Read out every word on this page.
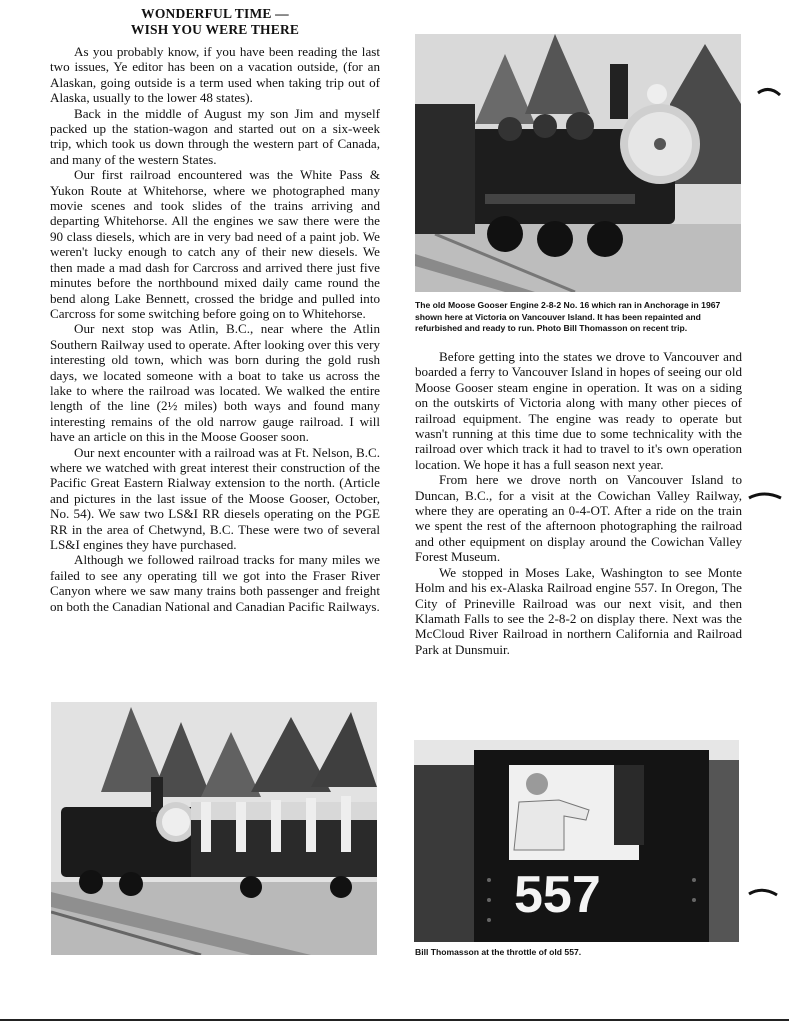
WONDERFUL TIME —
WISH YOU WERE THERE

As you probably know, if you have been reading the last two issues, Ye editor has been on a vacation outside, (for an Alaskan, going outside is a term used when taking trip out of Alaska, usually to the lower 48 states).

Back in the middle of August my son Jim and myself packed up the station-wagon and started out on a six-week trip, which took us down through the western part of Canada, and many of the western States.

Our first railroad encountered was the White Pass & Yukon Route at Whitehorse, where we photographed many movie scenes and took slides of the trains arriving and departing Whitehorse. All the engines we saw there were the 90 class diesels, which are in very bad need of a paint job. We weren't lucky enough to catch any of their new diesels. We then made a mad dash for Carcross and arrived there just five minutes before the northbound mixed daily came round the bend along Lake Bennett, crossed the bridge and pulled into Carcross for some switching before going on to Whitehorse.

Our next stop was Atlin, B.C., near where the Atlin Southern Railway used to operate. After looking over this very interesting old town, which was born during the gold rush days, we located someone with a boat to take us across the lake to where the railroad was located. We walked the entire length of the line (2½ miles) both ways and found many interesting remains of the old narrow gauge railroad. I will have an article on this in the Moose Gooser soon.

Our next encounter with a railroad was at Ft. Nelson, B.C. where we watched with great interest their construction of the Pacific Great Eastern Rialway extension to the north. (Article and pictures in the last issue of the Moose Gooser, October, No. 54). We saw two LS&I RR diesels operating on the PGE RR in the area of Chetwynd, B.C. These were two of several LS&I engines they have purchased.

Although we followed railroad tracks for many miles we failed to see any operating till we got into the Fraser River Canyon where we saw many trains both passenger and freight on both the Canadian National and Canadian Pacific Railways.

The old Moose Gooser Engine 2-8-2 No. 16 which ran in Anchorage in 1967 shown here at Victoria on Vancouver Island. It has been repainted and refurbished and ready to run. Photo Bill Thomasson on recent trip.

Before getting into the states we drove to Vancouver and boarded a ferry to Vancouver Island in hopes of seeing our old Moose Gooser steam engine in operation. It was on a siding on the outskirts of Victoria along with many other pieces of railroad equipment. The engine was ready to operate but wasn't running at this time due to some technicality with the railroad over which track it had to travel to it's own operation location. We hope it has a full season next year.

From here we drove north on Vancouver Island to Duncan, B.C., for a visit at the Cowichan Valley Railway, where they are operating an 0-4-OT. After a ride on the train we spent the rest of the afternoon photographing the railroad and other equipment on display around the Cowichan Valley Forest Museum.

We stopped in Moses Lake, Washington to see Monte Holm and his ex-Alaska Railroad engine 557. In Oregon, The City of Prineville Railroad was our next visit, and then Klamath Falls to see the 2-8-2 on display there. Next was the McCloud River Railroad in northern California and Railroad Park at Dunsmuir.

557
Bill Thomasson at the throttle of old 557.
